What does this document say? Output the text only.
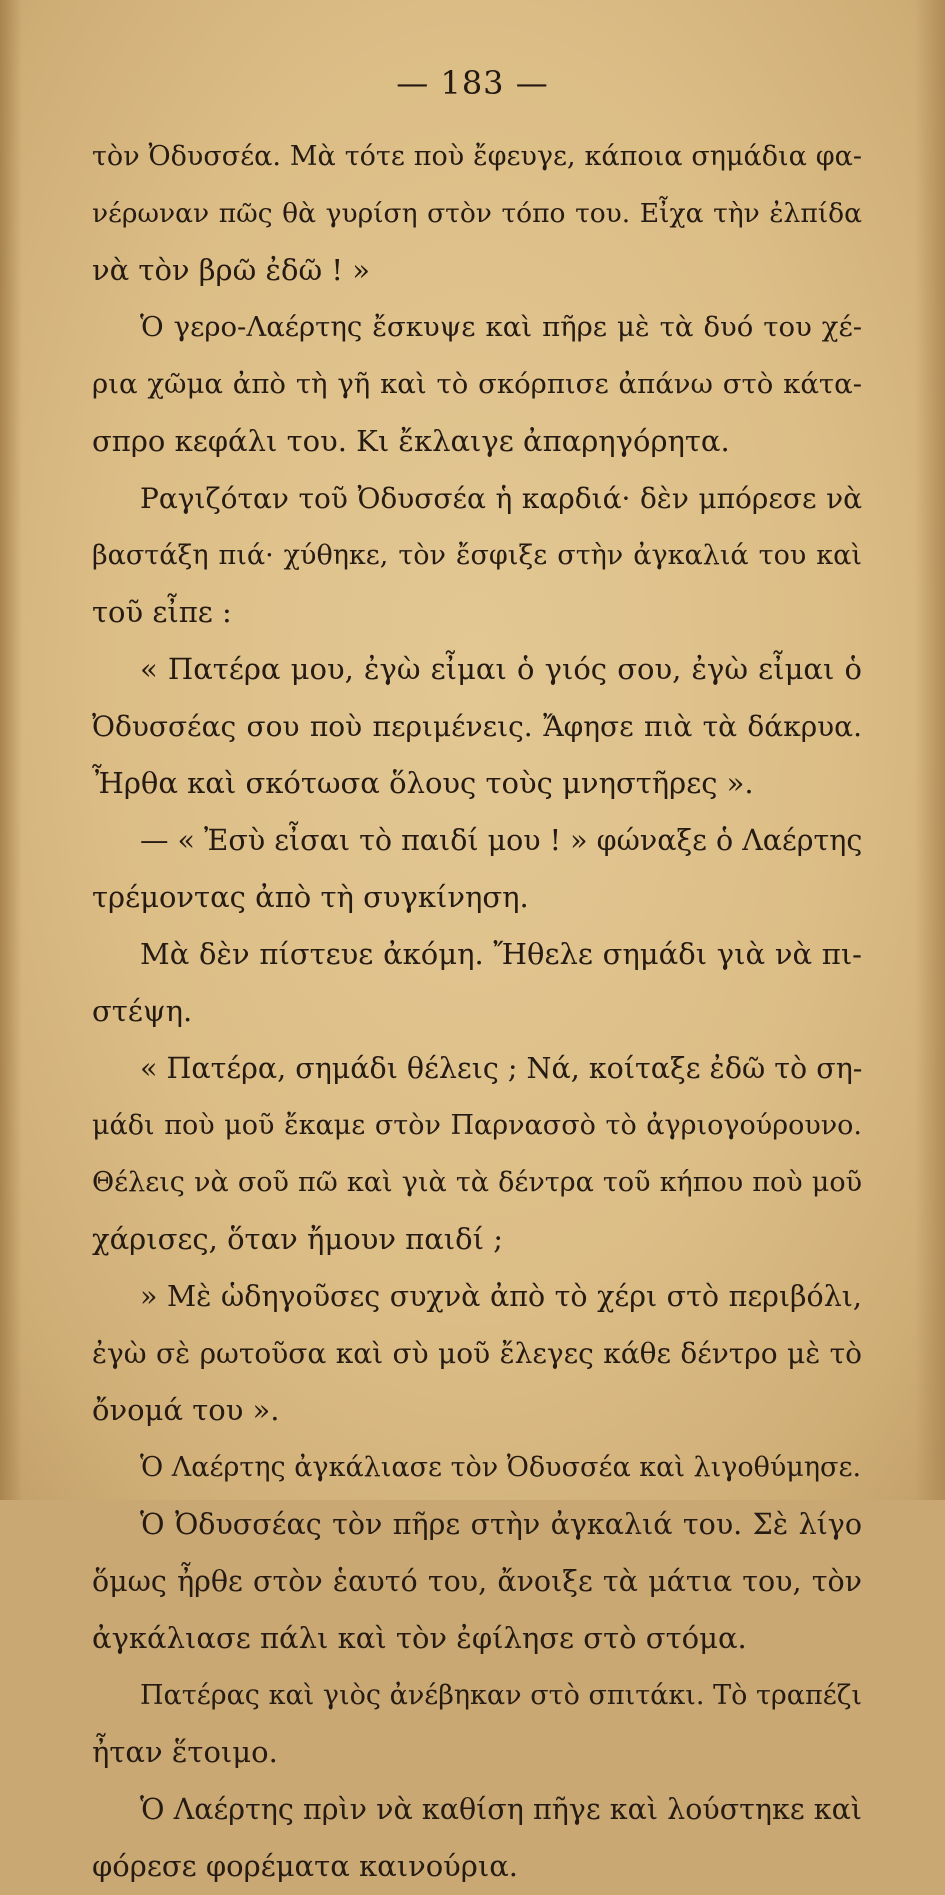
— 183 —
τὸν Ὀδυσσέα. Μὰ τότε ποὺ ἔφευγε, κάποια σημάδια φα-
νέρωναν πῶς θὰ γυρίση στὸν τόπο του. Εἶχα τὴν ἐλπίδα
νὰ τὸν βρῶ ἐδῶ ! »
Ὁ γερο-Λαέρτης ἔσκυψε καὶ πῆρε μὲ τὰ δυό του χέ-
ρια χῶμα ἀπὸ τὴ γῆ καὶ τὸ σκόρπισε ἀπάνω στὸ κάτα-
σπρο κεφάλι του. Κι ἔκλαιγε ἀπαρηγόρητα.
Ραγιζόταν τοῦ Ὀδυσσέα ἡ καρδιά· δὲν μπόρεσε νὰ
βαστάξη πιά· χύθηκε, τὸν ἔσφιξε στὴν ἀγκαλιά του καὶ
τοῦ εἶπε :
« Πατέρα μου, ἐγὼ εἶμαι ὁ γιός σου, ἐγὼ εἶμαι ὁ
Ὀδυσσέας σου ποὺ περιμένεις. Ἄφησε πιὰ τὰ δάκρυα.
Ἦρθα καὶ σκότωσα ὅλους τοὺς μνηστῆρες ».
— « Ἐσὺ εἶσαι τὸ παιδί μου ! » φώναξε ὁ Λαέρτης
τρέμοντας ἀπὸ τὴ συγκίνηση.
Μὰ δὲν πίστευε ἀκόμη. Ἤθελε σημάδι γιὰ νὰ πι-
στέψη.
« Πατέρα, σημάδι θέλεις ; Νά, κοίταξε ἐδῶ τὸ ση-
μάδι ποὺ μοῦ ἔκαμε στὸν Παρνασσὸ τὸ ἀγριογούρουνο.
Θέλεις νὰ σοῦ πῶ καὶ γιὰ τὰ δέντρα τοῦ κήπου ποὺ μοῦ
χάρισες, ὅταν ἤμουν παιδί ;
» Μὲ ὡδηγοῦσες συχνὰ ἀπὸ τὸ χέρι στὸ περιβόλι,
ἐγὼ σὲ ρωτοῦσα καὶ σὺ μοῦ ἔλεγες κάθε δέντρο μὲ τὸ
ὄνομά του ».
Ὁ Λαέρτης ἀγκάλιασε τὸν Ὀδυσσέα καὶ λιγοθύμησε.
Ὁ Ὀδυσσέας τὸν πῆρε στὴν ἀγκαλιά του. Σὲ λίγο
ὅμως ἦρθε στὸν ἑαυτό του, ἄνοιξε τὰ μάτια του, τὸν
ἀγκάλιασε πάλι καὶ τὸν ἐφίλησε στὸ στόμα.
Πατέρας καὶ γιὸς ἀνέβηκαν στὸ σπιτάκι. Τὸ τραπέζι
ἦταν ἕτοιμο.
Ὁ Λαέρτης πρὶν νὰ καθίση πῆγε καὶ λούστηκε καὶ
φόρεσε φορέματα καινούρια.
